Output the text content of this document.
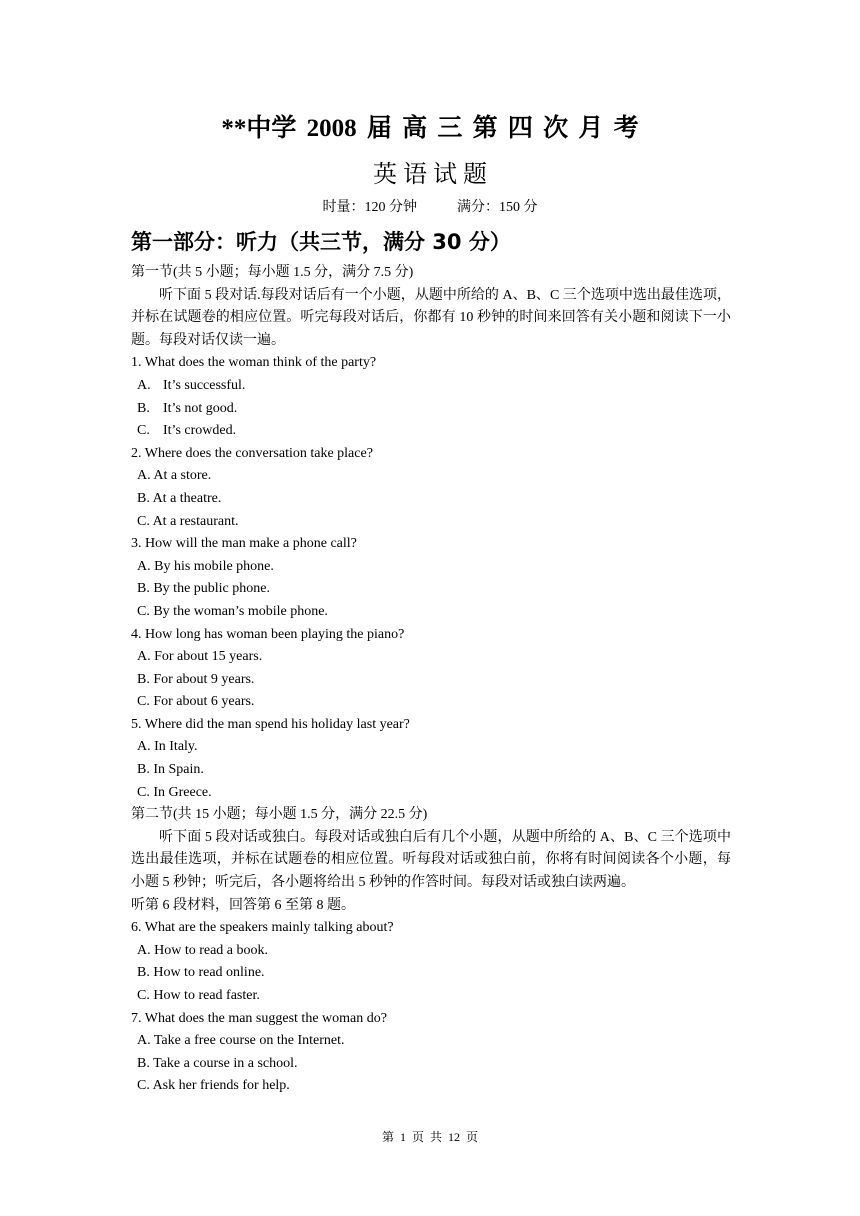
**中学 2008 届 高 三 第 四 次 月 考
英 语 试 题
时量：120 分钟	满分：150 分
第一部分：听力（共三节，满分 30 分）
第一节(共 5 小题；每小题 1.5 分，满分 7.5 分)
听下面 5 段对话.每段对话后有一个小题，从题中所给的 A、B、C 三个选项中选出最佳选项，并标在试题卷的相应位置。听完每段对话后，你都有 10 秒钟的时间来回答有关小题和阅读下一小题。每段对话仅读一遍。
1. What does the woman think of the party?
A. It’s successful.
B. It’s not good.
C. It’s crowded.
2. Where does the conversation take place?
A. At a store.
B. At a theatre.
C. At a restaurant.
3. How will the man make a phone call?
A. By his mobile phone.
B. By the public phone.
C. By the woman’s mobile phone.
4. How long has woman been playing the piano?
A. For about 15 years.
B. For about 9 years.
C. For about 6 years.
5. Where did the man spend his holiday last year?
A. In Italy.
B. In Spain.
C. In Greece.
第二节(共 15 小题；每小题 1.5 分，满分 22.5 分)
听下面 5 段对话或独白。每段对话或独白后有几个小题，从题中所给的 A、B、C 三个选项中选出最佳选项，并标在试题卷的相应位置。听每段对话或独白前，你将有时间阅读各个小题，每小题 5 秒钟；听完后，各小题将给出 5 秒钟的作答时间。每段对话或独白读两遍。
听第 6 段材料，回答第 6 至第 8 题。
6. What are the speakers mainly talking about?
A. How to read a book.
B. How to read online.
C. How to read faster.
7. What does the man suggest the woman do?
A. Take a free course on the Internet.
B. Take a course in a school.
C. Ask her friends for help.
第 1 页 共 12 页
